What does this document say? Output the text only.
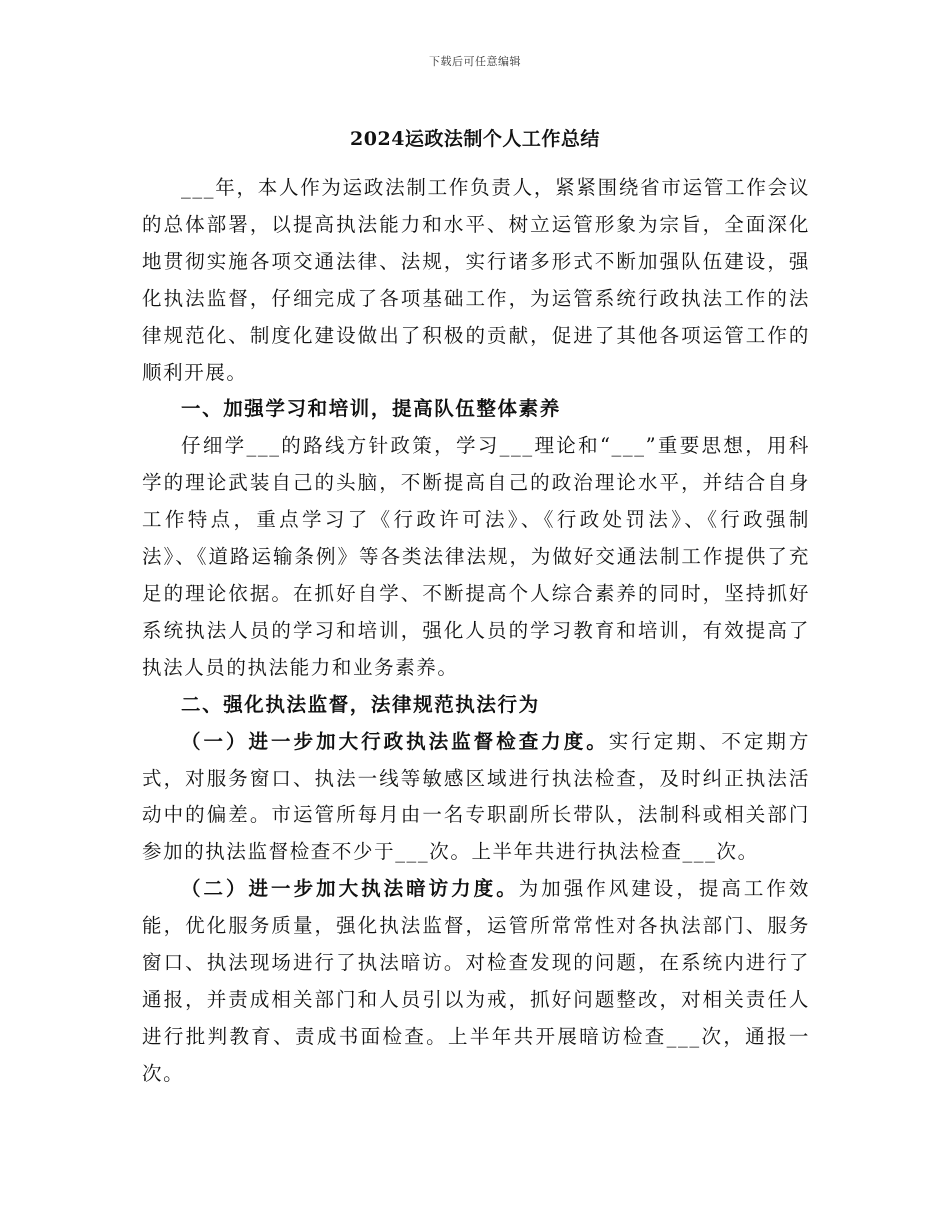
下载后可任意编辑
2024运政法制个人工作总结

___年，本人作为运政法制工作负责人，紧紧围绕省市运管工作会议的总体部署，以提高执法能力和水平、树立运管形象为宗旨，全面深化地贯彻实施各项交通法律、法规，实行诸多形式不断加强队伍建设，强化执法监督，仔细完成了各项基础工作，为运管系统行政执法工作的法律规范化、制度化建设做出了积极的贡献，促进了其他各项运管工作的顺利开展。

一、加强学习和培训，提高队伍整体素养

仔细学___的路线方针政策，学习___理论和“___”重要思想，用科学的理论武装自己的头脑，不断提高自己的政治理论水平，并结合自身工作特点，重点学习了《行政许可法》、《行政处罚法》、《行政强制法》、《道路运输条例》等各类法律法规，为做好交通法制工作提供了充足的理论依据。在抓好自学、不断提高个人综合素养的同时，坚持抓好系统执法人员的学习和培训，强化人员的学习教育和培训，有效提高了执法人员的执法能力和业务素养。

二、强化执法监督，法律规范执法行为

（一）进一步加大行政执法监督检查力度。实行定期、不定期方式，对服务窗口、执法一线等敏感区域进行执法检查，及时纠正执法活动中的偏差。市运管所每月由一名专职副所长带队，法制科或相关部门参加的执法监督检查不少于___次。上半年共进行执法检查___次。

（二）进一步加大执法暗访力度。为加强作风建设，提高工作效能，优化服务质量，强化执法监督，运管所常常性对各执法部门、服务窗口、执法现场进行了执法暗访。对检查发现的问题，在系统内进行了通报，并责成相关部门和人员引以为戒，抓好问题整改，对相关责任人进行批判教育、责成书面检查。上半年共开展暗访检查___次，通报一次。
